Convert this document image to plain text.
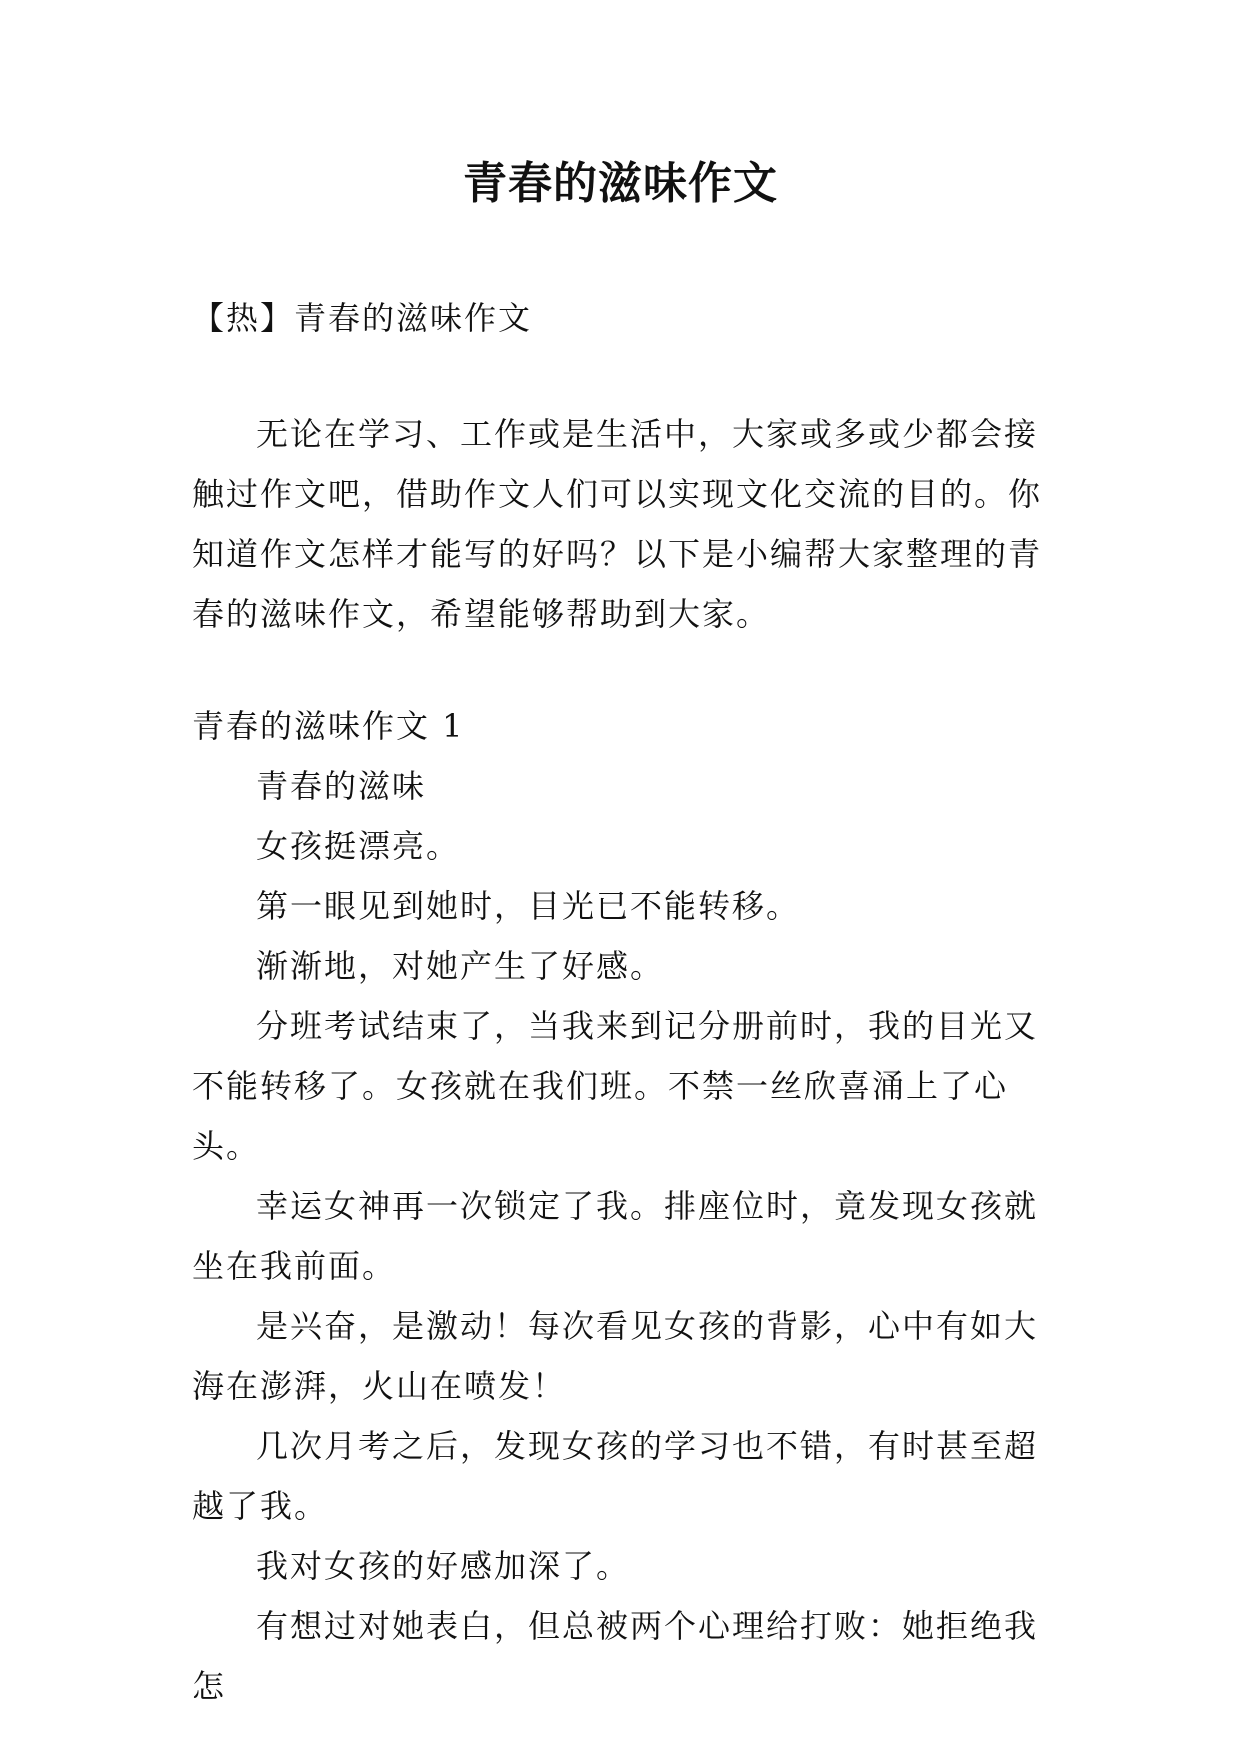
青春的滋味作文

【热】青春的滋味作文

无论在学习、工作或是生活中，大家或多或少都会接触过作文吧，借助作文人们可以实现文化交流的目的。你知道作文怎样才能写的好吗？以下是小编帮大家整理的青春的滋味作文，希望能够帮助到大家。

青春的滋味作文 1

青春的滋味

女孩挺漂亮。

第一眼见到她时，目光已不能转移。

渐渐地，对她产生了好感。

分班考试结束了，当我来到记分册前时，我的目光又不能转移了。女孩就在我们班。不禁一丝欣喜涌上了心头。

幸运女神再一次锁定了我。排座位时，竟发现女孩就坐在我前面。

是兴奋，是激动！每次看见女孩的背影，心中有如大海在澎湃，火山在喷发！

几次月考之后，发现女孩的学习也不错，有时甚至超越了我。

我对女孩的好感加深了。

有想过对她表白，但总被两个心理给打败：她拒绝我怎
